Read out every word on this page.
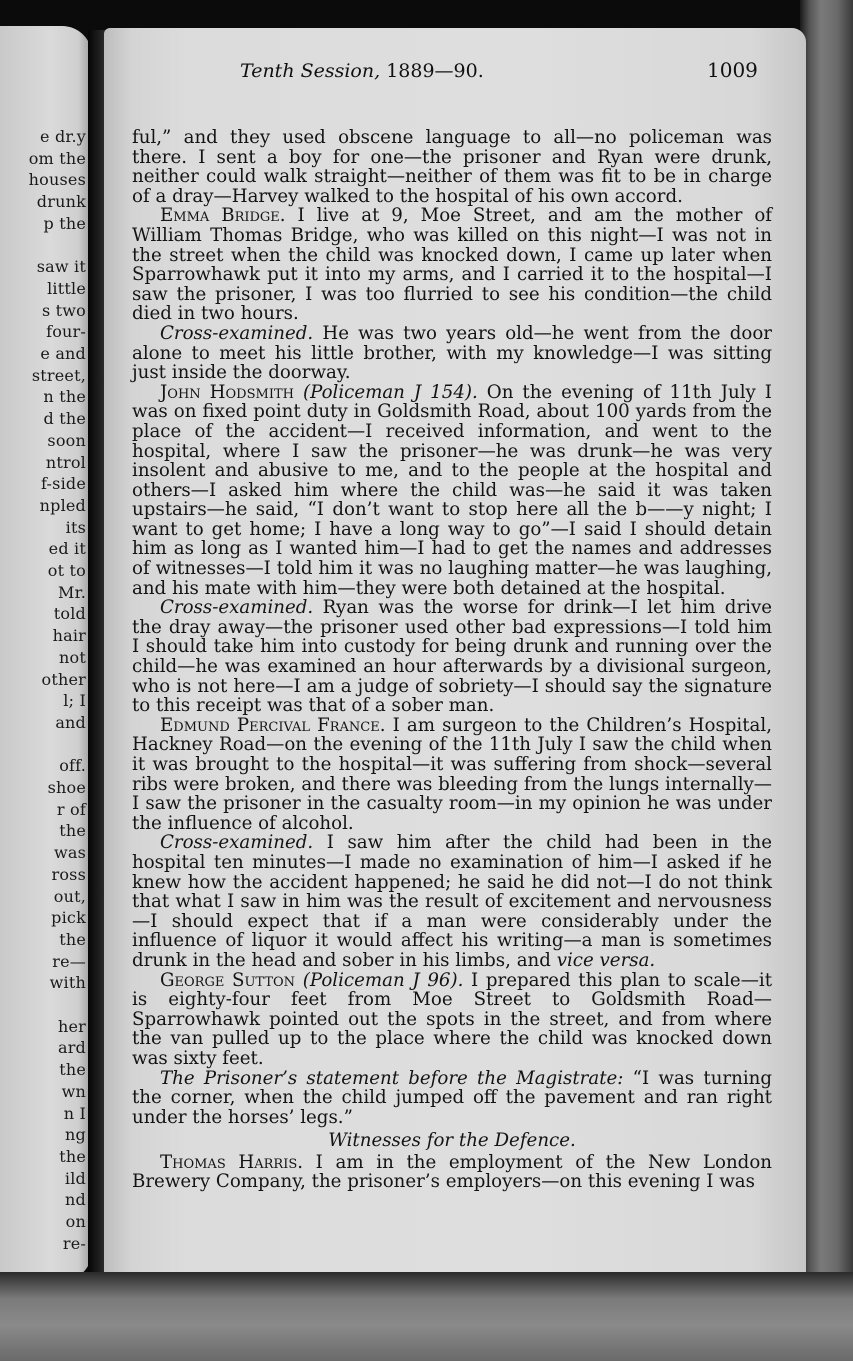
e dr.y
om the
houses
drunk
p the
saw it
little
s two
four-
e and
street,
n the
d the
soon
ntrol
f-side
npled
its
ed it
ot to
Mr.
told
hair
not
other
l; I
and
off.
shoe
r of
the
was
ross
out,
pick
the
re—
with
her
ard
the
wn
n I
ng
the
ild
nd
on
re-
Tenth Session, 1889—90.	1009

ful,” and they used obscene language to all—no policeman was there. I sent a boy for one—the prisoner and Ryan were drunk, neither could walk straight—neither of them was fit to be in charge of a dray—Harvey walked to the hospital of his own accord.

Emma Bridge. I live at 9, Moe Street, and am the mother of William Thomas Bridge, who was killed on this night—I was not in the street when the child was knocked down, I came up later when Sparrowhawk put it into my arms, and I carried it to the hospital—I saw the prisoner, I was too flurried to see his condition—the child died in two hours.

Cross-examined. He was two years old—he went from the door alone to meet his little brother, with my knowledge—I was sitting just inside the doorway.

John Hodsmith (Policeman J 154). On the evening of 11th July I was on fixed point duty in Goldsmith Road, about 100 yards from the place of the accident—I received information, and went to the hospital, where I saw the prisoner—he was drunk—he was very insolent and abusive to me, and to the people at the hospital and others—I asked him where the child was—he said it was taken upstairs—he said, “I don’t want to stop here all the b——y night; I want to get home; I have a long way to go”—I said I should detain him as long as I wanted him—I had to get the names and addresses of witnesses—I told him it was no laughing matter—he was laughing, and his mate with him—they were both detained at the hospital.

Cross-examined. Ryan was the worse for drink—I let him drive the dray away—the prisoner used other bad expressions—I told him I should take him into custody for being drunk and running over the child—he was examined an hour afterwards by a divisional surgeon, who is not here—I am a judge of sobriety—I should say the signature to this receipt was that of a sober man.

Edmund Percival France. I am surgeon to the Children’s Hospital, Hackney Road—on the evening of the 11th July I saw the child when it was brought to the hospital—it was suffering from shock—several ribs were broken, and there was bleeding from the lungs internally—I saw the prisoner in the casualty room—in my opinion he was under the influence of alcohol.

Cross-examined. I saw him after the child had been in the hospital ten minutes—I made no examination of him—I asked if he knew how the accident happened; he said he did not—I do not think that what I saw in him was the result of excitement and nervousness—I should expect that if a man were considerably under the influence of liquor it would affect his writing—a man is sometimes drunk in the head and sober in his limbs, and vice versa.

George Sutton (Policeman J 96). I prepared this plan to scale—it is eighty-four feet from Moe Street to Goldsmith Road—Sparrowhawk pointed out the spots in the street, and from where the van pulled up to the place where the child was knocked down was sixty feet.

The Prisoner’s statement before the Magistrate: “I was turning the corner, when the child jumped off the pavement and ran right under the horses’ legs.”

Witnesses for the Defence.

Thomas Harris. I am in the employment of the New London Brewery Company, the prisoner’s employers—on this evening I was
